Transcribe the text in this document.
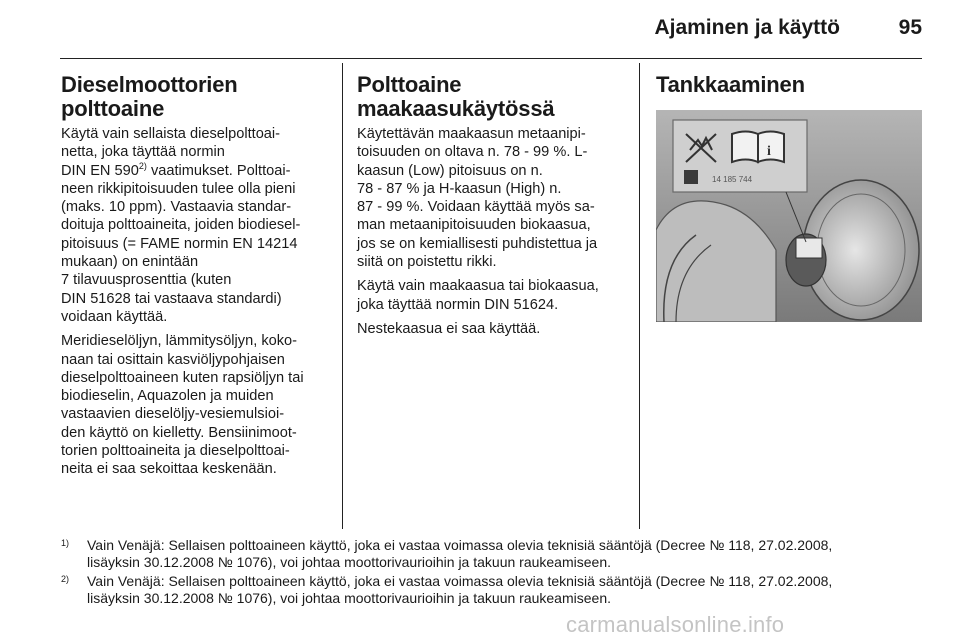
Ajaminen ja käyttö	95
Dieselmoottorien
polttoaine

Käytä vain sellaista dieselpolttoai-
netta, joka täyttää normin
DIN EN 590$^{2)}$ vaatimukset. Polttoai-
neen rikkipitoisuuden tulee olla pieni
(maks. 10 ppm). Vastaavia standar-
doituja polttoaineita, joiden biodiesel-
pitoisuus (= FAME normin EN 14214
mukaan) on enintään
7 tilavuusprosenttia (kuten
DIN 51628 tai vastaava standardi)
voidaan käyttää.

Meridieselöljyn, lämmitysöljyn, koko-
naan tai osittain kasviöljypohjaisen
dieselpolttoaineen kuten rapsiöljyn tai
biodieselin, Aquazolen ja muiden
vastaavien dieselöljy-vesiemulsioi-
den käyttö on kielletty. Bensiinimoot-
torien polttoaineita ja dieselpolttoai-
neita ei saa sekoittaa keskenään.

Polttoaine
maakaasukäytössä

Käytettävän maakaasun metaanipi-
toisuuden on oltava n. 78 - 99 %. L-
kaasun (Low) pitoisuus on n.
78 - 87 % ja H-kaasun (High) n.
87 - 99 %. Voidaan käyttää myös sa-
man metaanipitoisuuden biokaasua,
jos se on kemiallisesti puhdistettua ja
siitä on poistettu rikki.

Käytä vain maakaasua tai biokaasua,
joka täyttää normin DIN 51624.

Nestekaasua ei saa käyttää.

Tankkaaminen
i
14 185 744
1) Vain Venäjä: Sellaisen polttoaineen käyttö, joka ei vastaa voimassa olevia teknisiä sääntöjä (Decree № 118, 27.02.2008,
lisäyksin 30.12.2008 № 1076), voi johtaa moottorivaurioihin ja takuun raukeamiseen.
2) Vain Venäjä: Sellaisen polttoaineen käyttö, joka ei vastaa voimassa olevia teknisiä sääntöjä (Decree № 118, 27.02.2008,
lisäyksin 30.12.2008 № 1076), voi johtaa moottorivaurioihin ja takuun raukeamiseen.
carmanualsonline.info
